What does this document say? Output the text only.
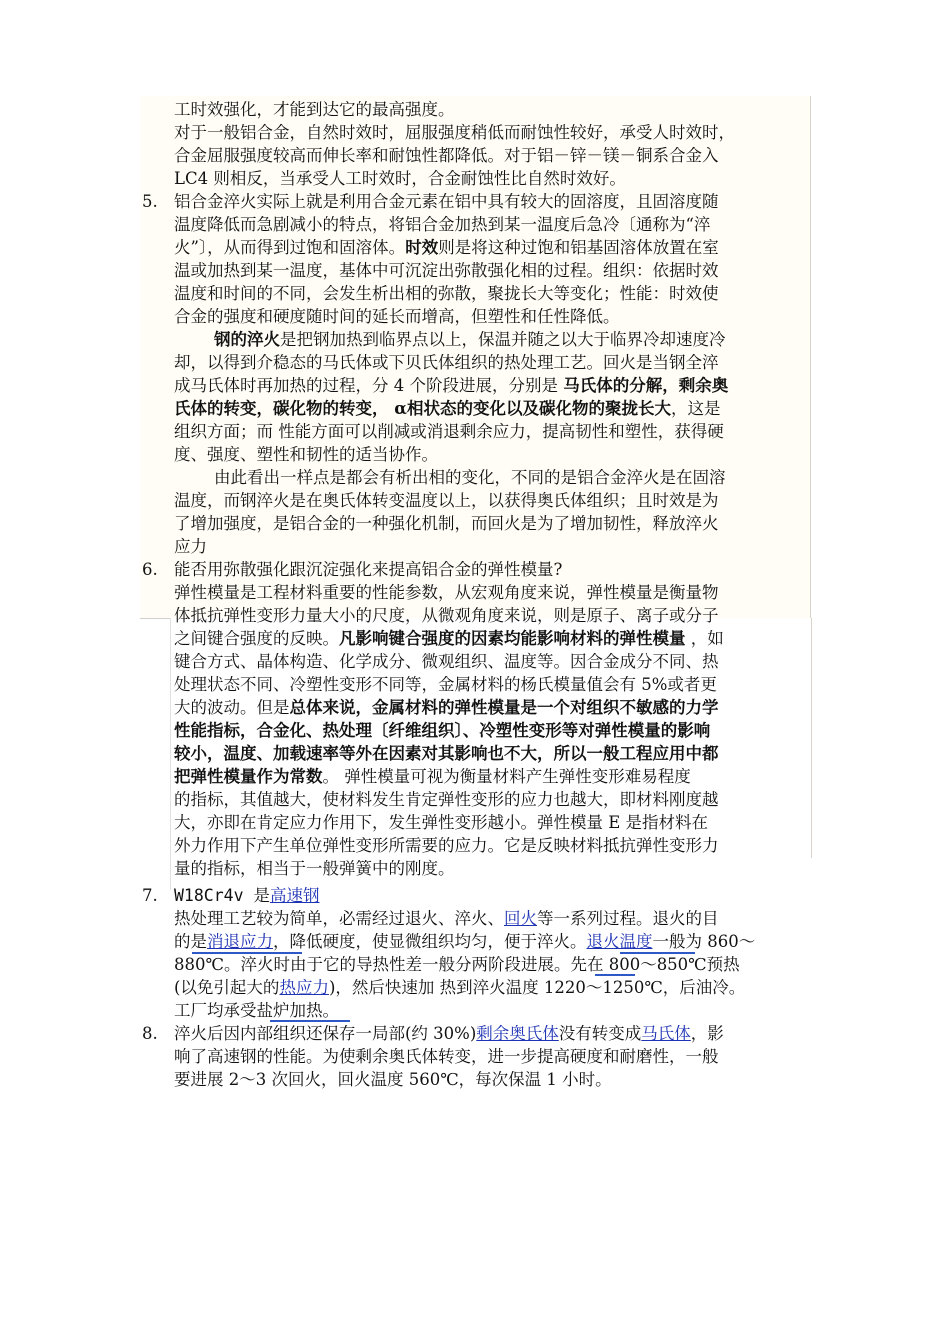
工时效强化，才能到达它的最高强度。
对于一般铝合金，自然时效时，屈服强度稍低而耐蚀性较好，承受人时效时，
合金屈服强度较高而伸长率和耐蚀性都降低。对于铝－锌－镁－铜系合金入
LC4 则相反，当承受人工时效时，合金耐蚀性比自然时效好。
5. 铝合金淬火实际上就是利用合金元素在铝中具有较大的固溶度，且固溶度随
温度降低而急剧减小的特点，将铝合金加热到某一温度后急冷〔通称为“淬
火”〕，从而得到过饱和固溶体。时效则是将这种过饱和铝基固溶体放置在室
温或加热到某一温度，基体中可沉淀出弥散强化相的过程。组织：依据时效
温度和时间的不同，会发生析出相的弥散，聚拢长大等变化；性能：时效使
合金的强度和硬度随时间的延长而增高，但塑性和任性降低。
钢的淬火是把钢加热到临界点以上，保温并随之以大于临界冷却速度冷
却，以得到介稳态的马氏体或下贝氏体组织的热处理工艺。回火是当钢全淬
成马氏体时再加热的过程，分 4 个阶段进展，分别是 马氏体的分解，剩余奥
氏体的转变，碳化物的转变， α相状态的变化以及碳化物的聚拢长大，这是
组织方面；而 性能方面可以削减或消退剩余应力，提高韧性和塑性，获得硬
度、强度、塑性和韧性的适当协作。
由此看出一样点是都会有析出相的变化，不同的是铝合金淬火是在固溶
温度，而钢淬火是在奥氏体转变温度以上，以获得奥氏体组织；且时效是为
了增加强度，是铝合金的一种强化机制，而回火是为了增加韧性，释放淬火
应力
6. 能否用弥散强化跟沉淀强化来提高铝合金的弹性模量?
弹性模量是工程材料重要的性能参数，从宏观角度来说，弹性模量是衡量物
体抵抗弹性变形力量大小的尺度，从微观角度来说，则是原子、离子或分子
之间键合强度的反映。凡影响键合强度的因素均能影响材料的弹性模量 ，如
键合方式、晶体构造、化学成分、微观组织、温度等。因合金成分不同、热
处理状态不同、冷塑性变形不同等，金属材料的杨氏模量值会有 5%或者更
大的波动。但是总体来说，金属材料的弹性模量是一个对组织不敏感的力学
性能指标，合金化、热处理〔纤维组织〕、冷塑性变形等对弹性模量的影响
较小，温度、加载速率等外在因素对其影响也不大，所以一般工程应用中都
把弹性模量作为常数。 弹性模量可视为衡量材料产生弹性变形难易程度
的指标，其值越大，使材料发生肯定弹性变形的应力也越大，即材料刚度越
大，亦即在肯定应力作用下，发生弹性变形越小。弹性模量 E 是指材料在
外力作用下产生单位弹性变形所需要的应力。它是反映材料抵抗弹性变形力
量的指标，相当于一般弹簧中的刚度。
7. W18Cr4v 是高速钢
热处理工艺较为简单，必需经过退火、淬火、回火等一系列过程。退火的目
的是消退应力，降低硬度，使显微组织均匀，便于淬火。退火温度一般为 860～
880℃。淬火时由于它的导热性差一般分两阶段进展。先在 800～850℃预热
(以免引起大的热应力)，然后快速加 热到淬火温度 1220～1250℃，后油冷。
工厂均承受盐炉加热。
8. 淬火后因内部组织还保存一局部(约 30%)剩余奥氏体没有转变成马氏体，影
响了高速钢的性能。为使剩余奥氏体转变，进一步提高硬度和耐磨性，一般
要进展 2～3 次回火，回火温度 560℃，每次保温 1 小时。
